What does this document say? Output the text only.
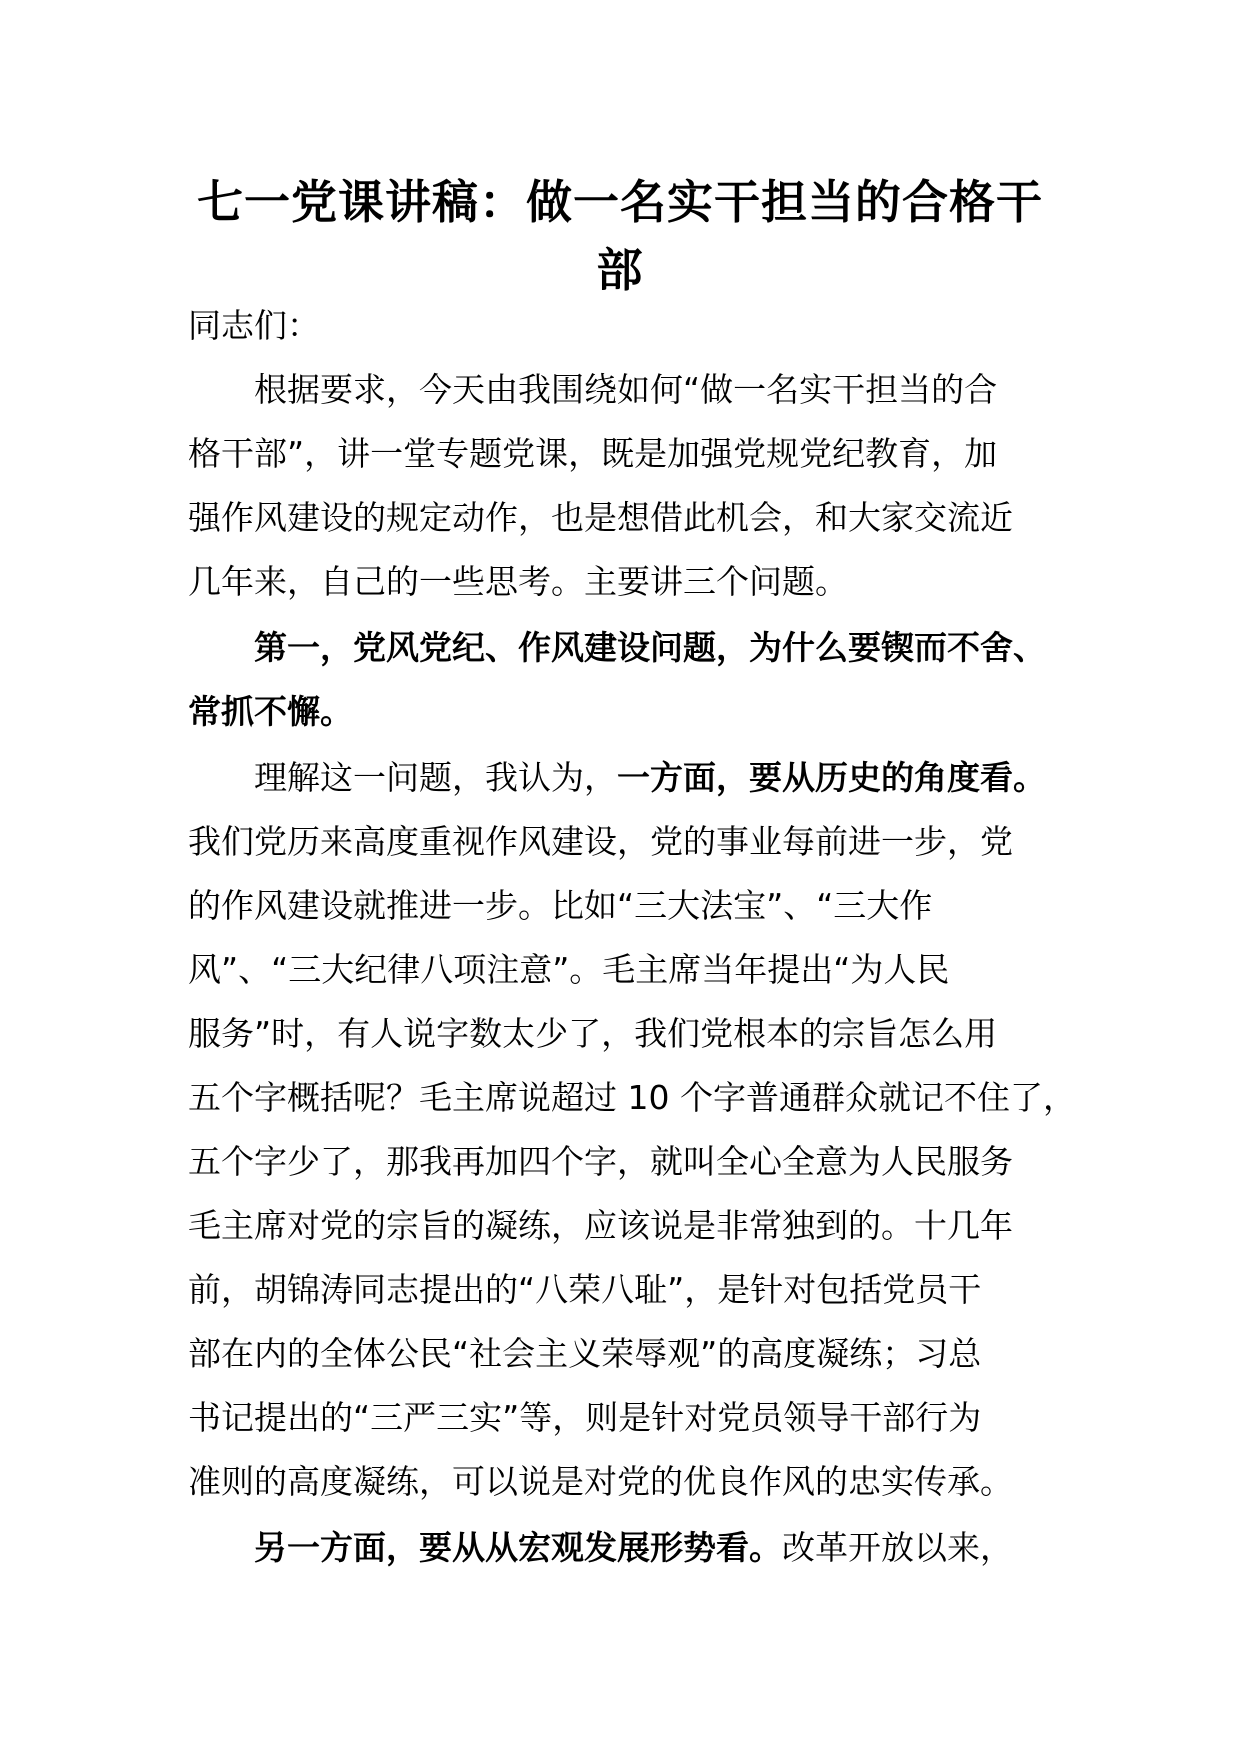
七一党课讲稿：做一名实干担当的合格干
部
同志们：
根据要求，今天由我围绕如何“做一名实干担当的合
格干部”，讲一堂专题党课，既是加强党规党纪教育，加
强作风建设的规定动作，也是想借此机会，和大家交流近
几年来，自己的一些思考。主要讲三个问题。
第一，党风党纪、作风建设问题，为什么要锲而不舍、
常抓不懈。
理解这一问题，我认为，一方面，要从历史的角度看。
我们党历来高度重视作风建设，党的事业每前进一步，党
的作风建设就推进一步。比如“三大法宝”、“三大作
风”、“三大纪律八项注意”。毛主席当年提出“为人民
服务”时，有人说字数太少了，我们党根本的宗旨怎么用
五个字概括呢？毛主席说超过 10 个字普通群众就记不住了，
五个字少了，那我再加四个字，就叫全心全意为人民服务
毛主席对党的宗旨的凝练，应该说是非常独到的。十几年
前，胡锦涛同志提出的“八荣八耻”，是针对包括党员干
部在内的全体公民“社会主义荣辱观”的高度凝练；习总
书记提出的“三严三实”等，则是针对党员领导干部行为
准则的高度凝练，可以说是对党的优良作风的忠实传承。
另一方面，要从从宏观发展形势看。改革开放以来，
